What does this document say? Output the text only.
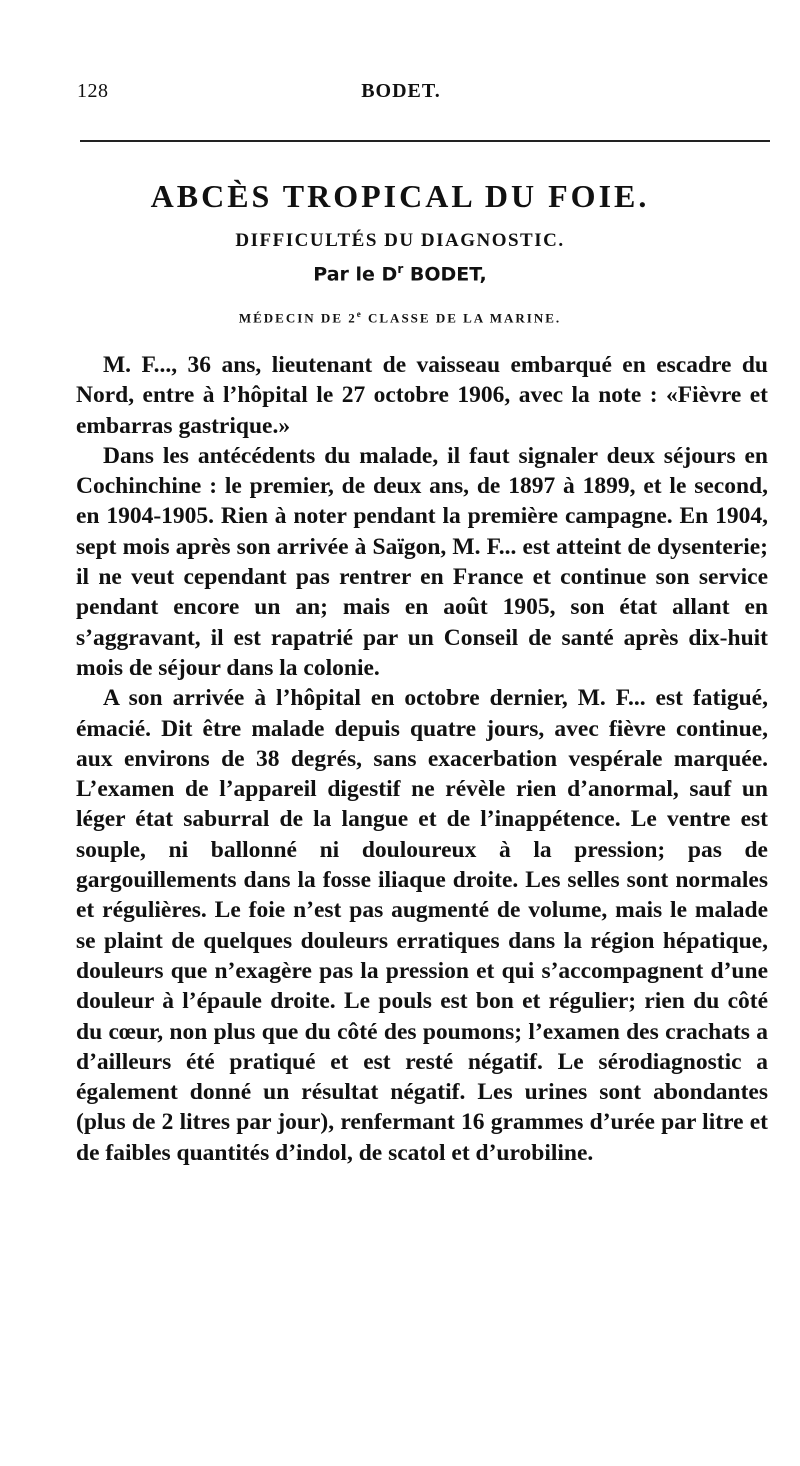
128	BODET.
ABCÈS TROPICAL DU FOIE.
DIFFICULTÉS DU DIAGNOSTIC.
Par le $D^r$ BODET,
MÉDECIN DE 2e CLASSE DE LA MARINE.

M. F..., 36 ans, lieutenant de vaisseau embarqué en escadre du Nord, entre à l’hôpital le 27 octobre 1906, avec la note : «Fièvre et embarras gastrique.»

Dans les antécédents du malade, il faut signaler deux séjours en Cochinchine : le premier, de deux ans, de 1897 à 1899, et le second, en 1904-1905. Rien à noter pendant la première campagne. En 1904, sept mois après son arrivée à Saïgon, M. F... est atteint de dysenterie; il ne veut cependant pas rentrer en France et continue son service pendant encore un an; mais en août 1905, son état allant en s’aggravant, il est rapatrié par un Conseil de santé après dix-huit mois de séjour dans la colonie.

A son arrivée à l’hôpital en octobre dernier, M. F... est fatigué, émacié. Dit être malade depuis quatre jours, avec fièvre continue, aux environs de 38 degrés, sans exacerbation vespérale marquée. L’examen de l’appareil digestif ne révèle rien d’anormal, sauf un léger état saburral de la langue et de l’inappétence. Le ventre est souple, ni ballonné ni douloureux à la pression; pas de gargouillements dans la fosse iliaque droite. Les selles sont normales et régulières. Le foie n’est pas augmenté de volume, mais le malade se plaint de quelques douleurs erratiques dans la région hépatique, douleurs que n’exagère pas la pression et qui s’accompagnent d’une douleur à l’épaule droite. Le pouls est bon et régulier; rien du côté du cœur, non plus que du côté des poumons; l’examen des crachats a d’ailleurs été pratiqué et est resté négatif. Le sérodiagnostic a également donné un résultat négatif. Les urines sont abondantes (plus de 2 litres par jour), renfermant 16 grammes d’urée par litre et de faibles quantités d’indol, de scatol et d’urobiline.
